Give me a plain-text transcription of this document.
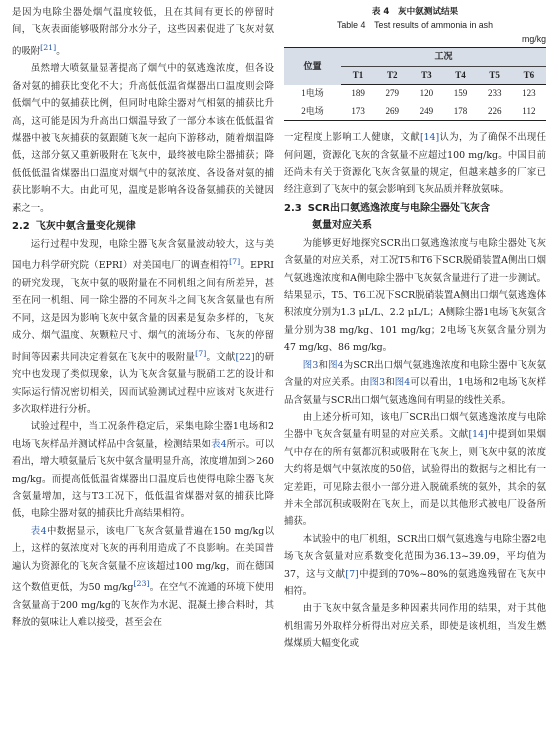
是因为电除尘器处烟气温度较低，且在其间有更长的停留时间，飞灰表面能够吸附部分水分子，这些因素促进了飞灰对氨的吸附[21]。

虽然增大喷氨量显著提高了烟气中的氨逃逸浓度，但各设备对氨的捕获比变化不大；升高低低温省煤器出口温度则会降低烟气中的氨捕获比例，但同时电除尘器对气相氨的捕获比升高，这可能是因为升高出口烟温导致了一部分本该在低低温省煤器中被飞灰捕获的氨跟随飞灰一起向下游移动，随着烟温降低，这部分氨又重新吸附在飞灰中，最终被电除尘器捕获；降低低低温省煤器出口温度对烟气中的氨浓度、各设备对氨的捕获比影响不大。由此可见，温度是影响各设备氨捕获的关键因素之一。

2.2 飞灰中氨含量变化规律

运行过程中发现，电除尘器飞灰含氨量波动较大，这与美国电力科学研究院（EPRI）对美国电厂的调查相符[7]。EPRI的研究发现，飞灰中氨的吸附量在不同机组之间有所差异，甚至在同一机组、同一除尘器的不同灰斗之间飞灰含氨量也有所不同，这是因为影响飞灰中氨含量的因素是复杂多样的，飞灰成分、烟气温度、灰颗粒尺寸、烟气的流场分布、飞灰的停留时间等因素共同决定着氨在飞灰中的吸附量[7]。文献[22]的研究中也发现了类似现象，认为飞灰含氨量与脱硝工艺的设计和实际运行情况密切相关，因而试验测试过程中应该对飞灰进行多次取样进行分析。

试验过程中，当工况条件稳定后，采集电除尘器1电场和2电场飞灰样品并测试样品中含氨量，检测结果如表4所示。可以看出，增大喷氨量后飞灰中氨含量明显升高，浓度增加到＞260 mg/kg。而提高低低温省煤器出口温度后也使得电除尘器飞灰含氨量增加，这与T3工况下，低低温省煤器对氨的捕获比降低，电除尘器对氨的捕获比升高结果相符。

表4中数据显示，该电厂飞灰含氨量普遍在150 mg/kg以上，这样的氨浓度对飞灰的再利用造成了不良影响。在美国普遍认为资源化的飞灰含氨量不应该超过100 mg/kg，而在德国这个数值更低，为50 mg/kg[23]。在空气不流通的环境下使用含氨量高于200 mg/kg的飞灰作为水泥、混凝土掺合料时，其释放的氨味让人难以接受，甚至会在

表 4　灰中氨测试结果
Table 4　Test results of ammonia in ash
mg/kg
位置	工况					
	T1	T2	T3	T4	T5	T6
1电场	189	279	120	159	233	123
2电场	173	269	249	178	226	112

一定程度上影响工人健康，文献[14]认为，为了确保不出现任何问题，资源化飞灰的含氨量不应超过100 mg/kg。中国目前还尚未有关于资源化飞灰含氨量的规定，但越来越多的厂家已经注意到了飞灰中的氨会影响到飞灰品质并释放氨味。

2.3 SCR出口氨逃逸浓度与电除尘器处飞灰含
氨量对应关系

为能够更好地探究SCR出口氨逃逸浓度与电除尘器处飞灰含氨量的对应关系，对工况T5和T6下SCR脱硝装置A侧出口烟气氨逃逸浓度和A侧电除尘器中飞灰氨含量进行了进一步测试。结果显示，T5、T6工况下SCR脱硝装置A侧出口烟气氨逃逸体积浓度分别为1.3 μL/L、2.2 μL/L；A侧除尘器1电场飞灰氨含量分别为38 mg/kg、101 mg/kg；2电场飞灰氨含量分别为47 mg/kg、86 mg/kg。

图3和图4为SCR出口烟气氨逃逸浓度和电除尘器中飞灰氨含量的对应关系。由图3和图4可以看出，1电场和2电场飞灰样品含氨量与SCR出口烟气氨逃逸间有明显的线性关系。

由上述分析可知，该电厂SCR出口烟气氨逃逸浓度与电除尘器中飞灰含氨量有明显的对应关系。文献[14]中提到如果烟气中存在的所有氨都沉积或吸附在飞灰上，则飞灰中氨的浓度大约将是烟气中氨浓度的50倍，试验得出的数据与之相比有一定差距，可见除去很小一部分进入脱硫系统的氨外，其余的氨并未全部沉积或吸附在飞灰上，而是以其他形式被电厂设备所捕获。

本试验中的电厂机组，SCR出口烟气氨逃逸与电除尘器2电场飞灰含氨量对应系数变化范围为36.13~39.09，平均值为37，这与文献[7]中提到的70%~80%的氨逃逸残留在飞灰中相符。

由于飞灰中氨含量是多种因素共同作用的结果，对于其他机组需另外取样分析得出对应关系，即使是该机组，当发生燃煤煤质大幅变化或
